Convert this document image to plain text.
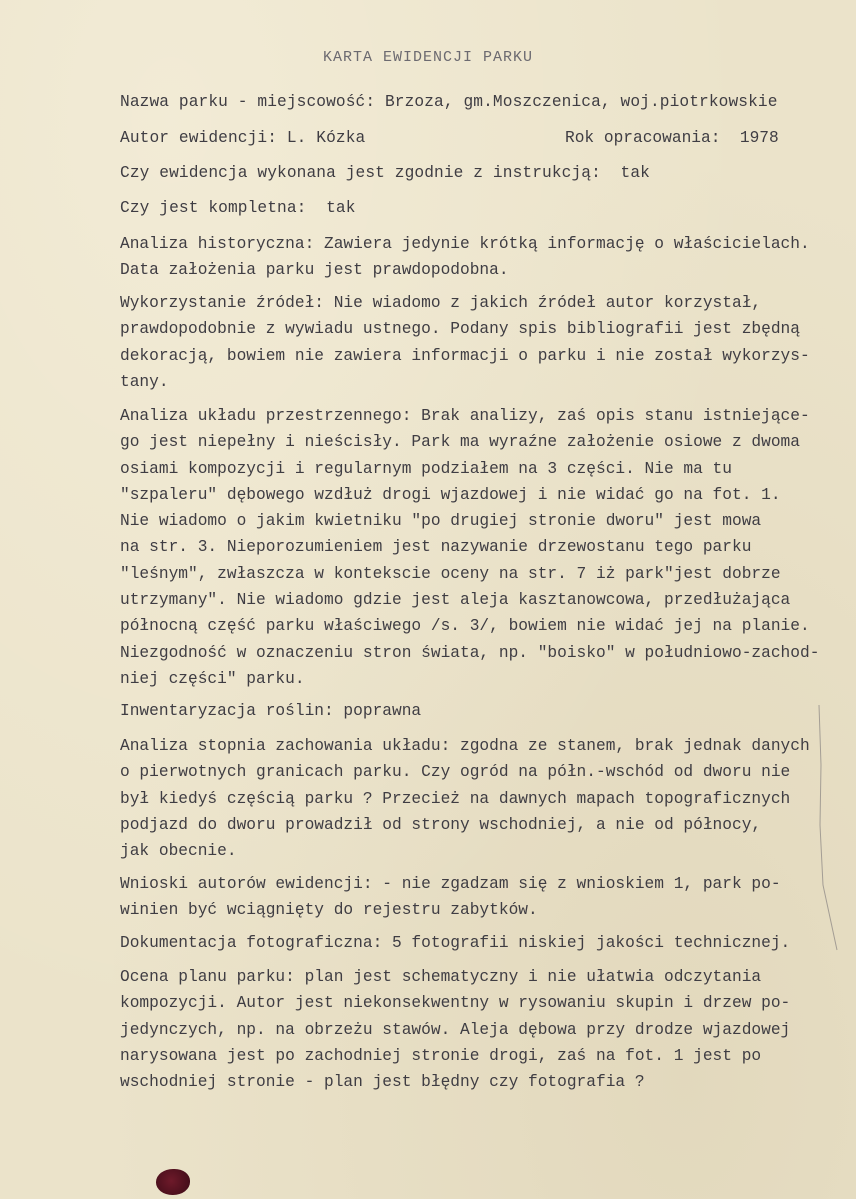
KARTA EWIDENCJI PARKU
Nazwa parku - miejscowość: Brzoza, gm.Moszczenica, woj.piotrkowskie
Autor ewidencji: L. Kózka	Rok opracowania:  1978
Czy ewidencja wykonana jest zgodnie z instrukcją:  tak
Czy jest kompletna:  tak
Analiza historyczna: Zawiera jedynie krótką informację o właścicielach.
Data założenia parku jest prawdopodobna.
Wykorzystanie źródeł: Nie wiadomo z jakich źródeł autor korzystał,
prawdopodobnie z wywiadu ustnego. Podany spis bibliografii jest zbędną
dekoracją, bowiem nie zawiera informacji o parku i nie został wykorzys-
tany.
Analiza układu przestrzennego: Brak analizy, zaś opis stanu istniejące-
go jest niepełny i nieścisły. Park ma wyraźne założenie osiowe z dwoma
osiami kompozycji i regularnym podziałem na 3 części. Nie ma tu
"szpaleru" dębowego wzdłuż drogi wjazdowej i nie widać go na fot. 1.
Nie wiadomo o jakim kwietniku "po drugiej stronie dworu" jest mowa
na str. 3. Nieporozumieniem jest nazywanie drzewostanu tego parku
"leśnym", zwłaszcza w kontekscie oceny na str. 7 iż park"jest dobrze
utrzymany". Nie wiadomo gdzie jest aleja kasztanowcowa, przedłużająca
północną część parku właściwego /s. 3/, bowiem nie widać jej na planie.
Niezgodność w oznaczeniu stron świata, np. "boisko" w południowo-zachod-
niej części" parku.
Inwentaryzacja roślin: poprawna
Analiza stopnia zachowania układu: zgodna ze stanem, brak jednak danych
o pierwotnych granicach parku. Czy ogród na półn.-wschód od dworu nie
był kiedyś częścią parku ? Przecież na dawnych mapach topograficznych
podjazd do dworu prowadził od strony wschodniej, a nie od północy,
jak obecnie.
Wnioski autorów ewidencji: - nie zgadzam się z wnioskiem 1, park po-
winien być wciągnięty do rejestru zabytków.
Dokumentacja fotograficzna: 5 fotografii niskiej jakości technicznej.
Ocena planu parku: plan jest schematyczny i nie ułatwia odczytania
kompozycji. Autor jest niekonsekwentny w rysowaniu skupin i drzew po-
jedynczych, np. na obrzeżu stawów. Aleja dębowa przy drodze wjazdowej
narysowana jest po zachodniej stronie drogi, zaś na fot. 1 jest po
wschodniej stronie - plan jest błędny czy fotografia ?
